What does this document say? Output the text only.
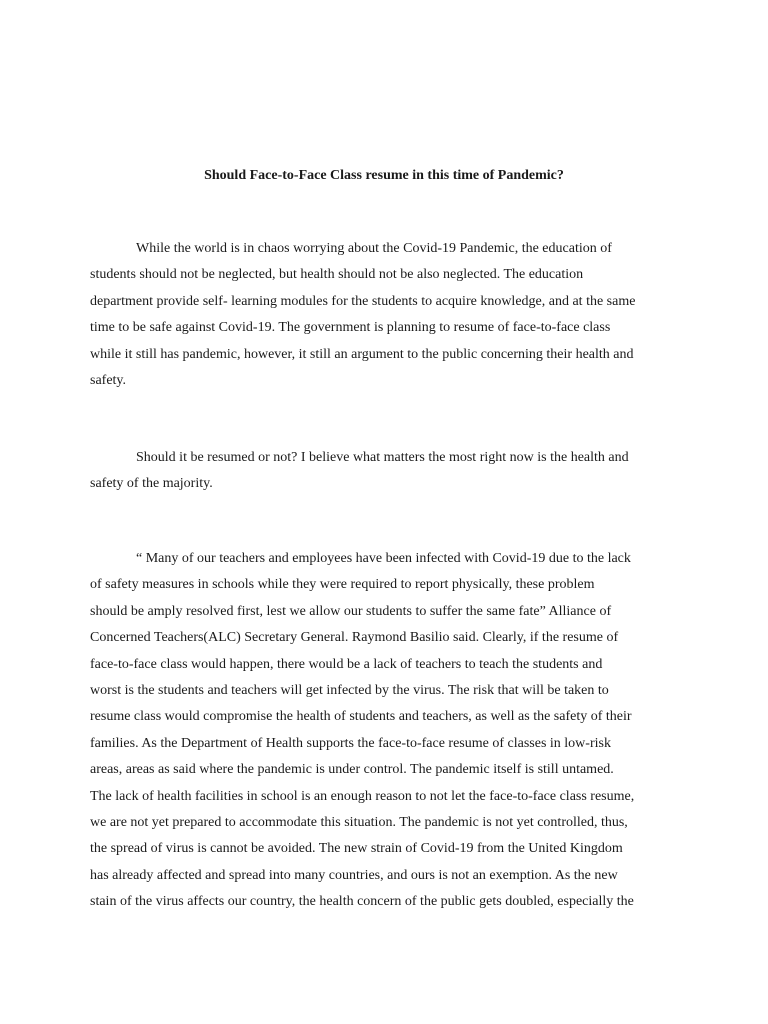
Should Face-to-Face Class resume in this time of Pandemic?

While the world is in chaos worrying about the Covid-19 Pandemic, the education of
students should not be neglected, but health should not be also neglected. The education
department provide self- learning modules for the students to acquire knowledge, and at the same
time to be safe against Covid-19. The government is planning to resume of face-to-face class
while it still has pandemic, however, it still an argument to the public concerning their health and
safety.

Should it be resumed or not? I believe what matters the most right now is the health and
safety of the majority.

“ Many of our teachers and employees have been infected with Covid-19 due to the lack
of safety measures in schools while they were required to report physically, these problem
should be amply resolved first, lest we allow our students to suffer the same fate” Alliance of
Concerned Teachers(ALC) Secretary General. Raymond Basilio said. Clearly, if the resume of
face-to-face class would happen, there would be a lack of teachers to teach the students and
worst is the students and teachers will get infected by the virus. The risk that will be taken to
resume class would compromise the health of students and teachers, as well as the safety of their
families. As the Department of Health supports the face-to-face resume of classes in low-risk
areas, areas as said where the pandemic is under control. The pandemic itself is still untamed.
The lack of health facilities in school is an enough reason to not let the face-to-face class resume,
we are not yet prepared to accommodate this situation. The pandemic is not yet controlled, thus,
the spread of virus is cannot be avoided. The new strain of Covid-19 from the United Kingdom
has already affected and spread into many countries, and ours is not an exemption. As the new
stain of the virus affects our country, the health concern of the public gets doubled, especially the
